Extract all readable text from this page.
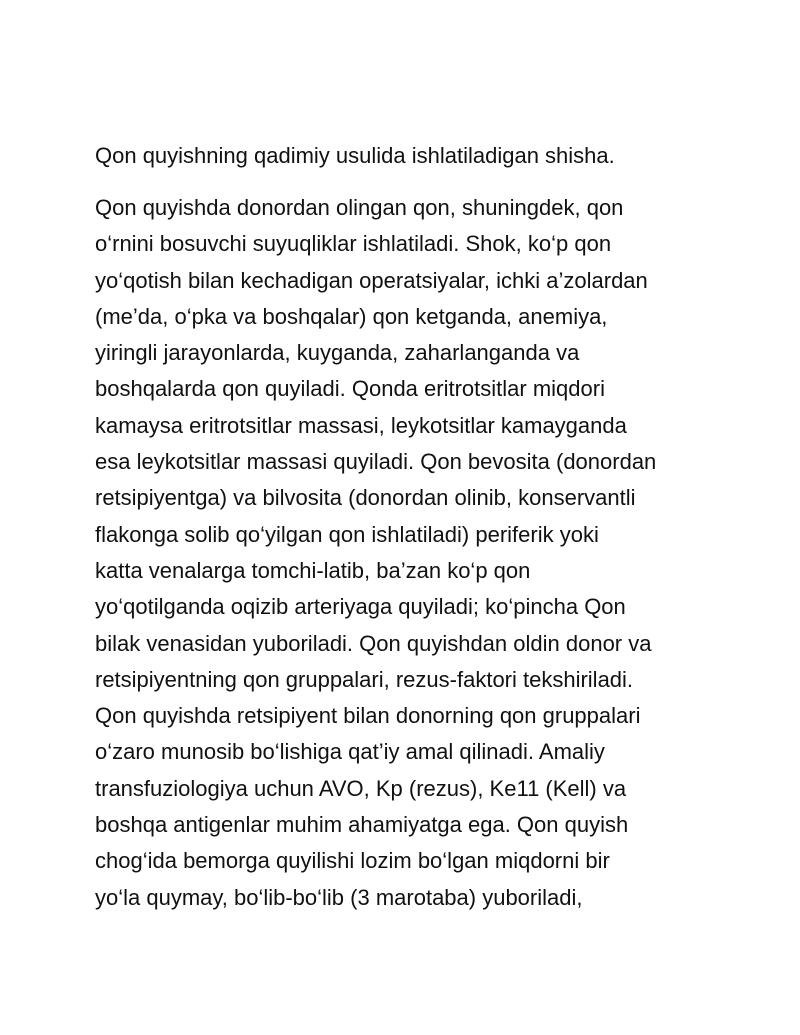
Qon quyishning qadimiy usulida ishlatiladigan shisha.

Qon quyishda donordan olingan qon, shuningdek, qon
o‘rnini bosuvchi suyuqliklar ishlatiladi. Shok, ko‘p qon
yo‘qotish bilan kechadigan operatsiyalar, ichki a’zolardan
(me’da, o‘pka va boshqalar) qon ketganda, anemiya,
yiringli jarayonlarda, kuyganda, zaharlanganda va
boshqalarda qon quyiladi. Qonda eritrotsitlar miqdori
kamaysa eritrotsitlar massasi, leykotsitlar kamayganda
esa leykotsitlar massasi quyiladi. Qon bevosita (donordan
retsipiyentga) va bilvosita (donordan olinib, konservantli
flakonga solib qo‘yilgan qon ishlatiladi) periferik yoki
katta venalarga tomchi-latib, ba’zan ko‘p qon
yo‘qotilganda oqizib arteriyaga quyiladi; ko‘pincha Qon
bilak venasidan yuboriladi. Qon quyishdan oldin donor va
retsipiyentning qon gruppalari, rezus-faktori tekshiriladi.
Qon quyishda retsipiyent bilan donorning qon gruppalari
o‘zaro munosib bo‘lishiga qat’iy amal qilinadi. Amaliy
transfuziologiya uchun AVO, Kp (rezus), Ke11 (Kell) va
boshqa antigenlar muhim ahamiyatga ega. Qon quyish
chog‘ida bemorga quyilishi lozim bo‘lgan miqdorni bir
yo‘la quymay, bo‘lib-bo‘lib (3 marotaba) yuboriladi,
